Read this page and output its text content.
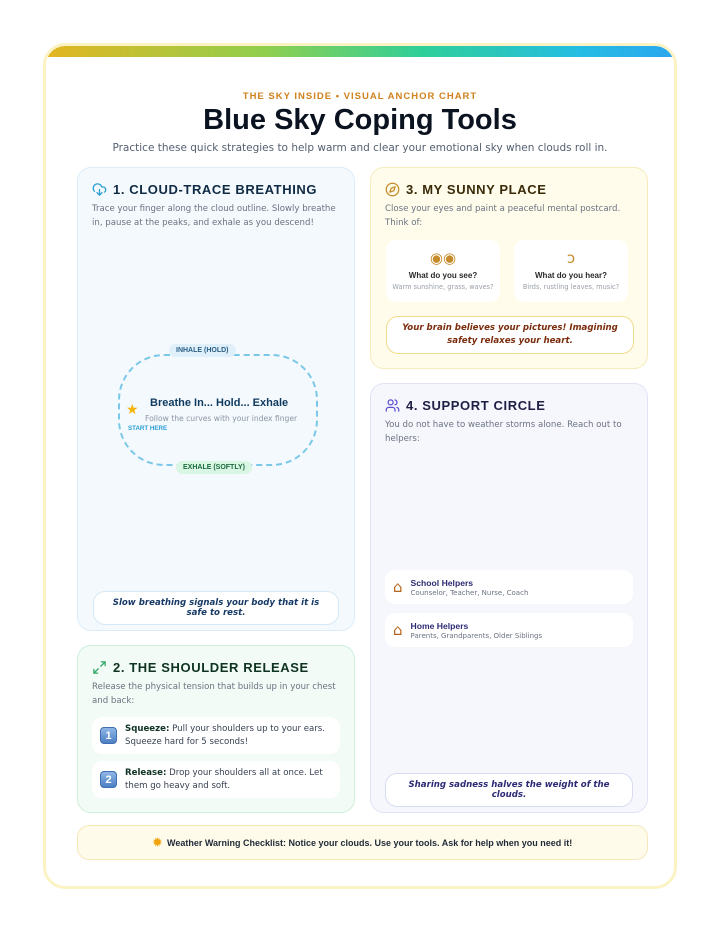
THE SKY INSIDE • VISUAL ANCHOR CHART
Blue Sky Coping Tools
Practice these quick strategies to help warm and clear your emotional sky when clouds roll in.
1. CLOUD-TRACE BREATHING
Trace your finger along the cloud outline. Slowly breathe in, pause at the peaks, and exhale as you descend!
INHALE (HOLD)
EXHALE (SOFTLY)
★ Breathe In... Hold... Exhale
Follow the curves with your index finger
START HERE
Slow breathing signals your body that it is safe to rest.
2. THE SHOULDER RELEASE
Release the physical tension that builds up in your chest and back:
1
Squeeze: Pull your shoulders up to your ears. Squeeze hard for 5 seconds!
2
Release: Drop your shoulders all at once. Let them go heavy and soft.
3. MY SUNNY PLACE
Close your eyes and paint a peaceful mental postcard. Think of:
◉◉
What do you see?
Warm sunshine, grass, waves?
ↄ
What do you hear?
Birds, rustling leaves, music?
Your brain believes your pictures! Imagining safety relaxes your heart.
4. SUPPORT CIRCLE
You do not have to weather storms alone. Reach out to helpers:
⌂ School Helpers
Counselor, Teacher, Nurse, Coach
⌂ Home Helpers
Parents, Grandparents, Older Siblings
Sharing sadness halves the weight of the clouds.
✹ Weather Warning Checklist: Notice your clouds. Use your tools. Ask for help when you need it!
